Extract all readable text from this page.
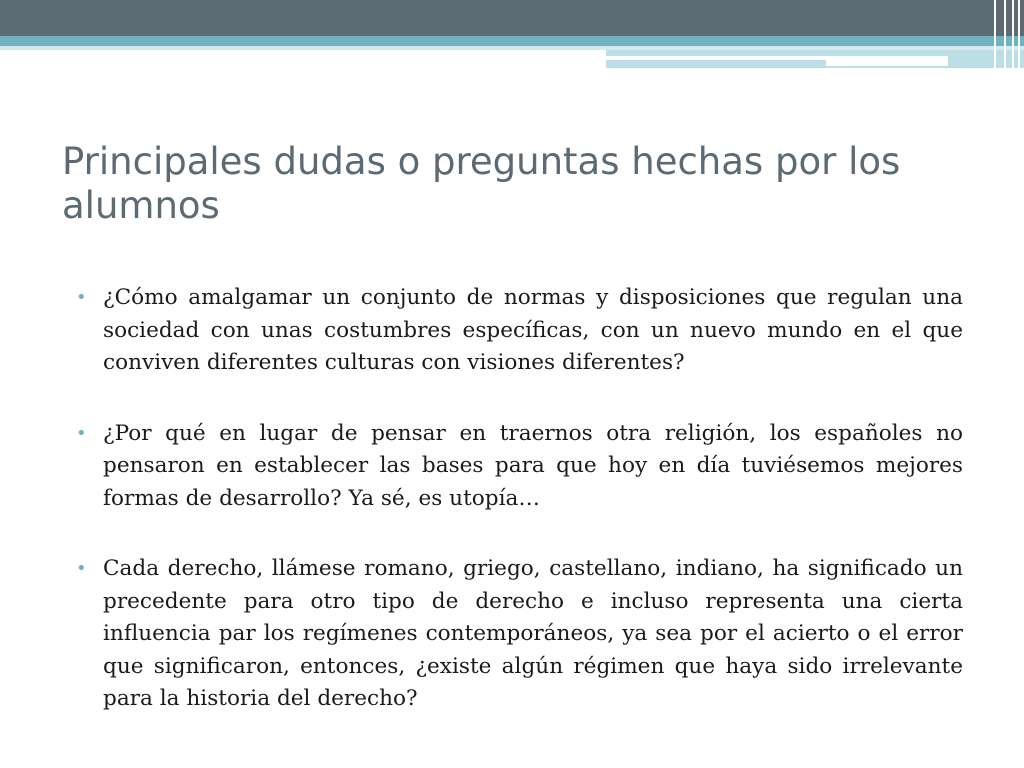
Principales dudas o preguntas hechas por los alumnos
• ¿Cómo amalgamar un conjunto de normas y disposiciones que regulan una sociedad con unas costumbres específicas, con un nuevo mundo en el que conviven diferentes culturas con visiones diferentes?
• ¿Por qué en lugar de pensar en traernos otra religión, los españoles no pensaron en establecer las bases para que hoy en día tuviésemos mejores formas de desarrollo? Ya sé, es utopía…
• Cada derecho, llámese romano, griego, castellano, indiano, ha significado un precedente para otro tipo de derecho e incluso representa una cierta influencia par los regímenes contemporáneos, ya sea por el acierto o el error que significaron, entonces, ¿existe algún régimen que haya sido irrelevante para la historia del derecho?
